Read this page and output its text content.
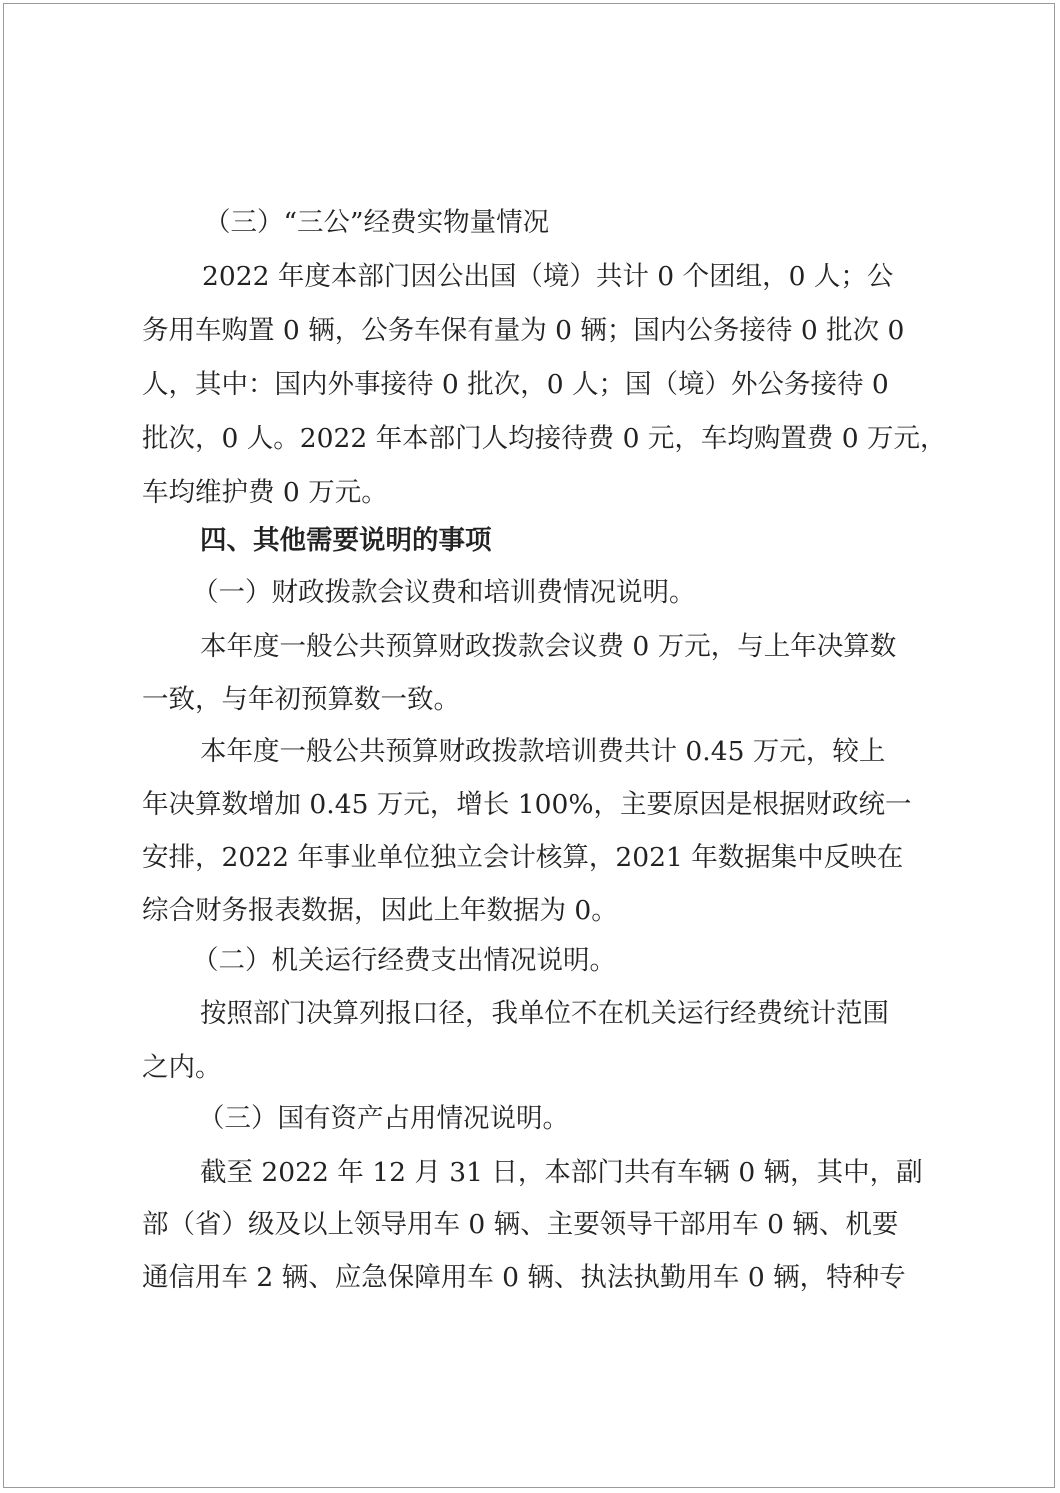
（三）“三公”经费实物量情况
2022 年度本部门因公出国（境）共计 0 个团组，0 人；公
务用车购置 0 辆，公务车保有量为 0 辆；国内公务接待 0 批次 0
人，其中：国内外事接待 0 批次，0 人；国（境）外公务接待 0
批次，0 人。2022 年本部门人均接待费 0 元，车均购置费 0 万元，
车均维护费 0 万元。
四、其他需要说明的事项
（一）财政拨款会议费和培训费情况说明。
本年度一般公共预算财政拨款会议费 0 万元，与上年决算数
一致，与年初预算数一致。
本年度一般公共预算财政拨款培训费共计 0.45 万元，较上
年决算数增加 0.45 万元，增长 100%，主要原因是根据财政统一
安排，2022 年事业单位独立会计核算，2021 年数据集中反映在
综合财务报表数据，因此上年数据为 0。
（二）机关运行经费支出情况说明。
按照部门决算列报口径，我单位不在机关运行经费统计范围
之内。
（三）国有资产占用情况说明。
截至 2022 年 12 月 31 日，本部门共有车辆 0 辆，其中，副
部（省）级及以上领导用车 0 辆、主要领导干部用车 0 辆、机要
通信用车 2 辆、应急保障用车 0 辆、执法执勤用车 0 辆，特种专
